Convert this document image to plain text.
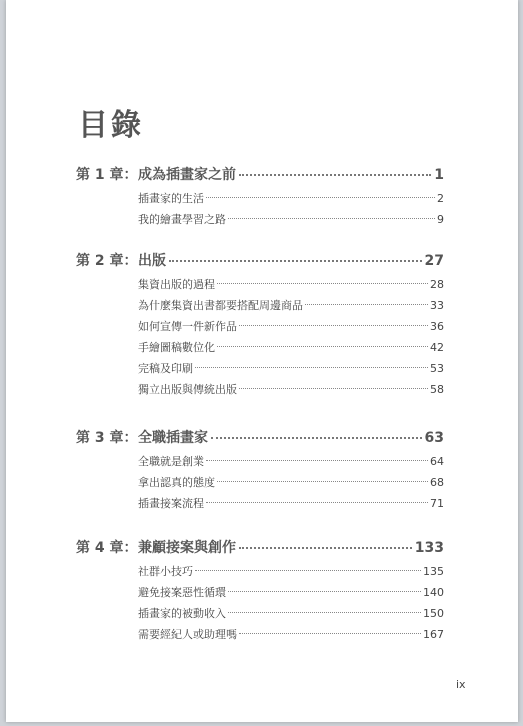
目錄
第 1 章： 成為插畫家之前	1
插畫家的生活	2
我的繪畫學習之路	9
第 2 章： 出版	27
集資出版的過程	28
為什麼集資出書都要搭配周邊商品	33
如何宣傳一件新作品	36
手繪圖稿數位化	42
完稿及印刷	53
獨立出版與傳統出版	58
第 3 章： 全職插畫家	63
全職就是創業	64
拿出認真的態度	68
插畫接案流程	71
第 4 章： 兼顧接案與創作	133
社群小技巧	135
避免接案惡性循環	140
插畫家的被動收入	150
需要經紀人或助理嗎	167
ix
